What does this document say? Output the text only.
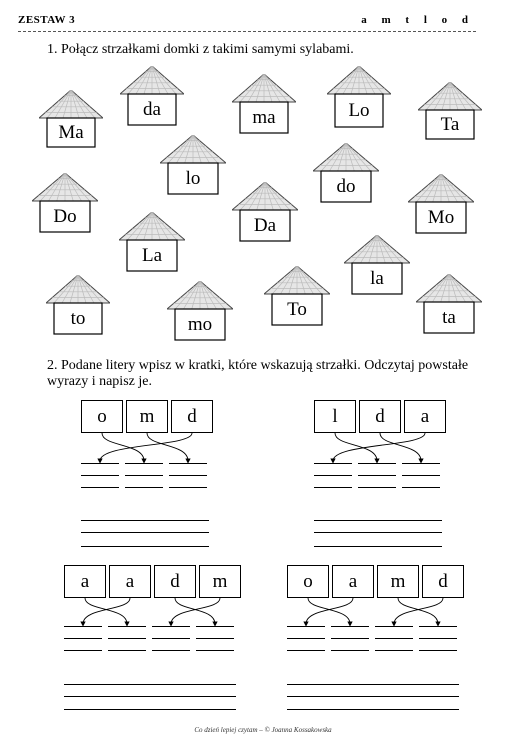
ZESTAW 3	a m t l o d
1. Połącz strzałkami domki z takimi samymi sylabami.
Ma
da	ma	Lo
Ta
lo	do
Do	Da	Mo
La
la
to	mo
To	ta
2. Podane litery wpisz w kratki, które wskazują strzałki. Odczytaj powstałe wyrazy i napisz je.
o	m	d	l	d	a
a	a	d	m	o	a	m	d
Co dzień lepiej czytam – © Joanna Kossakowska
